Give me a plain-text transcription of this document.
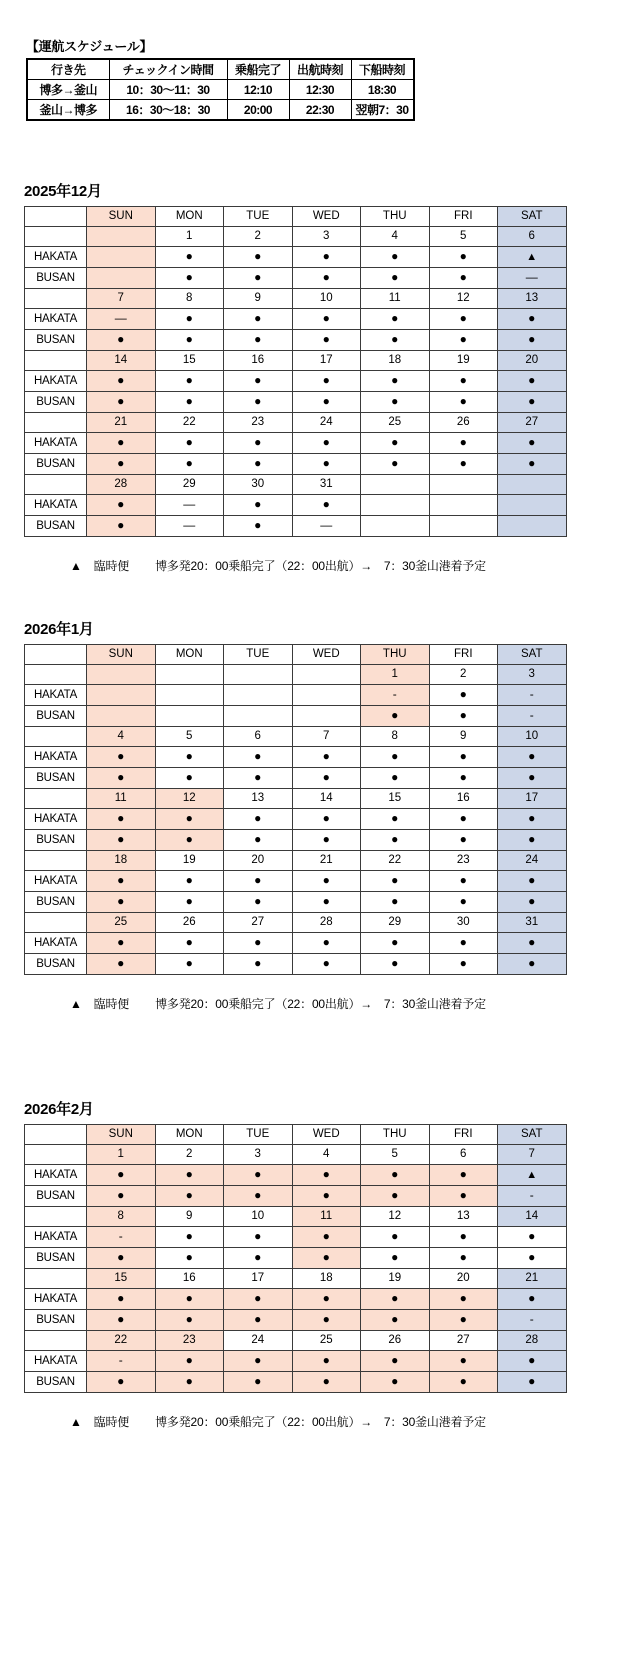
【運航スケジュール】
行き先	チェックイン時間	乗船完了	出航時刻	下船時刻
博多→釜山	10：30～11：30	12:10	12:30	18:30
釜山→博多	16：30～18：30	20:00	22:30	翌朝7：30
2025年12月
	SUN	MON	TUE	WED	THU	FRI	SAT
		1	2	3	4	5	6
HAKATA		●	●	●	●	●	▲
BUSAN		●	●	●	●	●	—
	7	8	9	10	11	12	13
HAKATA	—	●	●	●	●	●	●
BUSAN	●	●	●	●	●	●	●
	14	15	16	17	18	19	20
HAKATA	●	●	●	●	●	●	●
BUSAN	●	●	●	●	●	●	●
	21	22	23	24	25	26	27
HAKATA	●	●	●	●	●	●	●
BUSAN	●	●	●	●	●	●	●
	28	29	30	31			
HAKATA	●	—	●	●			
BUSAN	●	—	●	—			
▲ 臨時便 博多発20：00乗船完了（22：00出航）→　7：30釜山港着予定
2026年1月
	SUN	MON	TUE	WED	THU	FRI	SAT
					1	2	3
HAKATA					-	●	-
BUSAN					●	●	-
	4	5	6	7	8	9	10
HAKATA	●	●	●	●	●	●	●
BUSAN	●	●	●	●	●	●	●
	11	12	13	14	15	16	17
HAKATA	●	●	●	●	●	●	●
BUSAN	●	●	●	●	●	●	●
	18	19	20	21	22	23	24
HAKATA	●	●	●	●	●	●	●
BUSAN	●	●	●	●	●	●	●
	25	26	27	28	29	30	31
HAKATA	●	●	●	●	●	●	●
BUSAN	●	●	●	●	●	●	●
▲ 臨時便 博多発20：00乗船完了（22：00出航）→　7：30釜山港着予定
2026年2月
	SUN	MON	TUE	WED	THU	FRI	SAT
	1	2	3	4	5	6	7
HAKATA	●	●	●	●	●	●	▲
BUSAN	●	●	●	●	●	●	-
	8	9	10	11	12	13	14
HAKATA	-	●	●	●	●	●	●
BUSAN	●	●	●	●	●	●	●
	15	16	17	18	19	20	21
HAKATA	●	●	●	●	●	●	●
BUSAN	●	●	●	●	●	●	-
	22	23	24	25	26	27	28
HAKATA	-	●	●	●	●	●	●
BUSAN	●	●	●	●	●	●	●
▲ 臨時便 博多発20：00乗船完了（22：00出航）→　7：30釜山港着予定
